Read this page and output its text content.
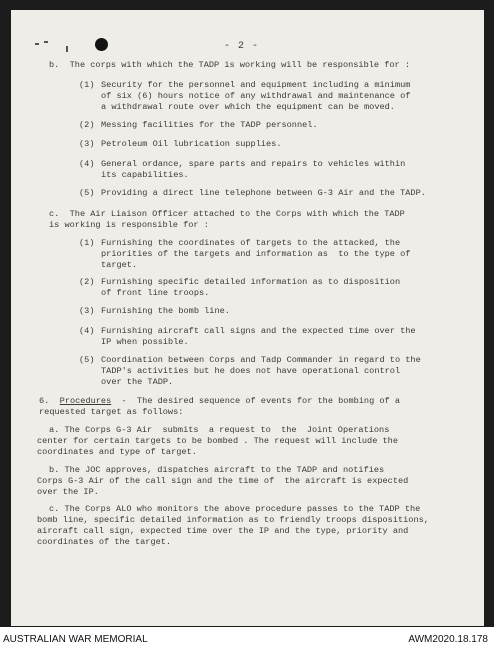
- 2 -
b.  The corps with which the TADP is working will be responsible for :
(1) Security for the personnel and equipment including a minimum
of six (6) hours notice of any withdrawal and maintenance of
a withdrawal route over which the equipment can be moved.
(2) Messing facilities for the TADP personnel.
(3) Petroleum Oil lubrication supplies.
(4) General ordance, spare parts and repairs to vehicles within
its capabilities.
(5) Providing a direct line telephone between G-3 Air and the TADP.
c.  The Air Liaison Officer attached to the Corps with which the TADP
is working is responsible for :
(1) Furnishing the coordinates of targets to the attacked, the
priorities of the targets and information as  to the type of
target.
(2) Furnishing specific detailed information as to disposition
of front line troops.
(3) Furnishing the bomb line.
(4) Furnishing aircraft call signs and the expected time over the
IP when possible.
(5) Coordination between Corps and Tadp Commander in regard to the
TADP's activities but he does not have operational control
over the TADP.
6. Procedures  -  The desired sequence of events for the bombing of a
requested target as follows:
a. The Corps G-3 Air  submits  a request to  the  Joint Operations
center for certain targets to be bombed . The request will include the
coordinates and type of target.
b. The JOC approves, dispatches aircraft to the TADP and notifies
Corps G-3 Air of the call sign and the time of  the aircraft is expected
over the IP.
c. The Corps ALO who monitors the above procedure passes to the TADP the
bomb line, specific detailed information as to friendly troops dispositions,
aircraft call sign, expected time over the IP and the type, priority and
coordinates of the target.
AUSTRALIAN WAR MEMORIAL	AWM2020.18.178
